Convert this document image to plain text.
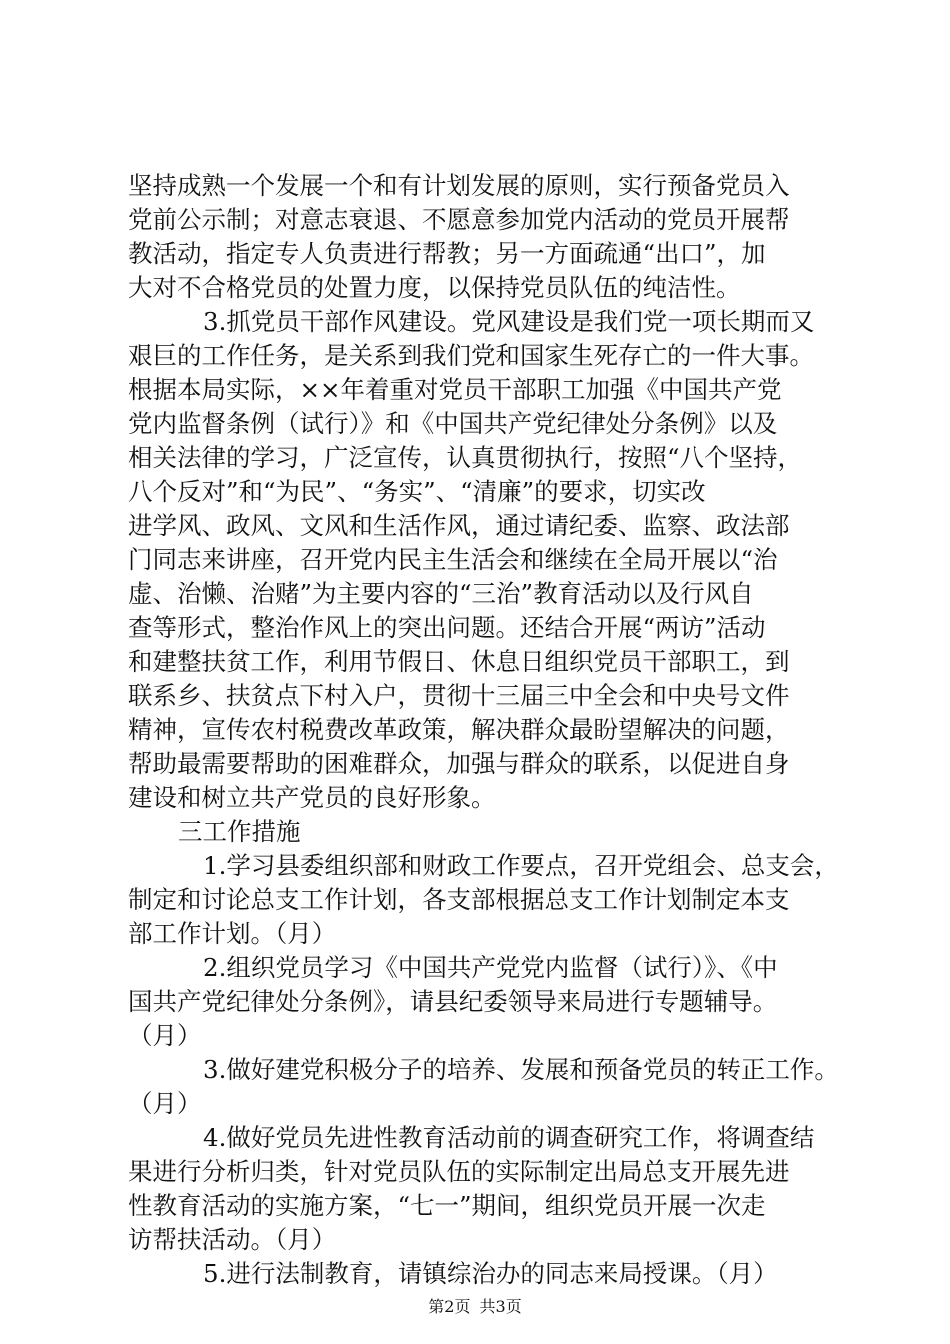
坚持成熟一个发展一个和有计划发展的原则，实行预备党员入
党前公示制；对意志衰退、不愿意参加党内活动的党员开展帮
教活动，指定专人负责进行帮教；另一方面疏通“出口”，加
大对不合格党员的处置力度，以保持党员队伍的纯洁性。
3.抓党员干部作风建设。党风建设是我们党一项长期而又
艰巨的工作任务，是关系到我们党和国家生死存亡的一件大事。
根据本局实际，××年着重对党员干部职工加强《中国共产党
党内监督条例（试行）》和《中国共产党纪律处分条例》以及
相关法律的学习，广泛宣传，认真贯彻执行，按照“八个坚持，
八个反对”和“为民”、“务实”、“清廉”的要求，切实改
进学风、政风、文风和生活作风，通过请纪委、监察、政法部
门同志来讲座，召开党内民主生活会和继续在全局开展以“治
虚、治懒、治赌”为主要内容的“三治”教育活动以及行风自
查等形式，整治作风上的突出问题。还结合开展“两访”活动
和建整扶贫工作，利用节假日、休息日组织党员干部职工，到
联系乡、扶贫点下村入户，贯彻十三届三中全会和中央号文件
精神，宣传农村税费改革政策，解决群众最盼望解决的问题，
帮助最需要帮助的困难群众，加强与群众的联系，以促进自身
建设和树立共产党员的良好形象。
三工作措施
1.学习县委组织部和财政工作要点，召开党组会、总支会，
制定和讨论总支工作计划，各支部根据总支工作计划制定本支
部工作计划。（月）
2.组织党员学习《中国共产党党内监督（试行）》、《中
国共产党纪律处分条例》，请县纪委领导来局进行专题辅导。
（月）
3.做好建党积极分子的培养、发展和预备党员的转正工作。
（月）
4.做好党员先进性教育活动前的调查研究工作，将调查结
果进行分析归类，针对党员队伍的实际制定出局总支开展先进
性教育活动的实施方案，“七一”期间，组织党员开展一次走
访帮扶活动。（月）
5.进行法制教育，请镇综治办的同志来局授课。（月）
第2页 共3页
